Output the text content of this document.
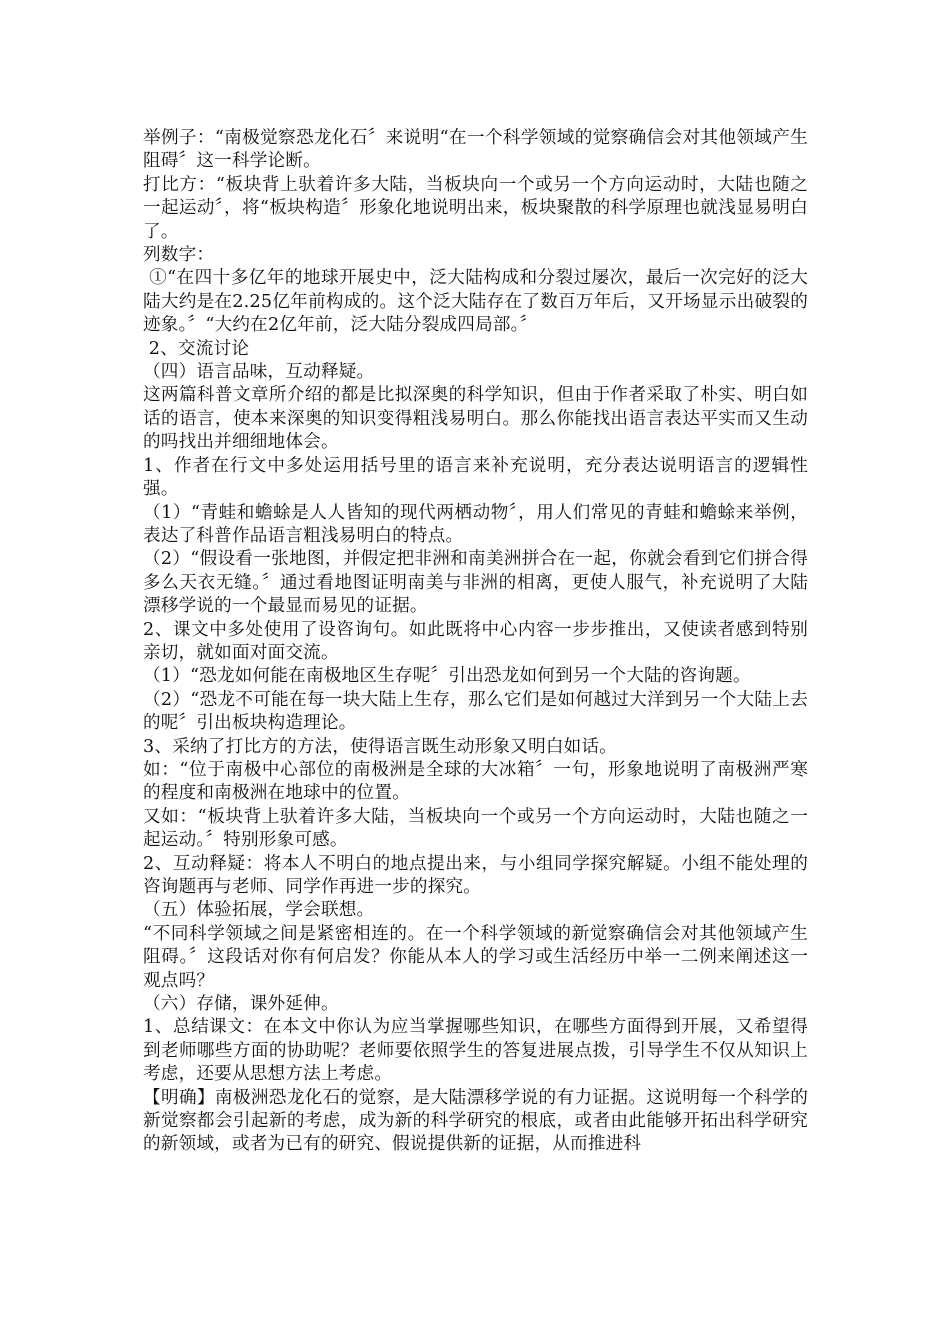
举例子：“南极觉察恐龙化石〞来说明“在一个科学领域的觉察确信会对其他领域产生阻碍〞这一科学论断。

打比方：“板块背上驮着许多大陆，当板块向一个或另一个方向运动时，大陆也随之一起运动〞，将“板块构造〞形象化地说明出来，板块聚散的科学原理也就浅显易明白了。

列数字：

①“在四十多亿年的地球开展史中，泛大陆构成和分裂过屡次，最后一次完好的泛大陆大约是在2.25亿年前构成的。这个泛大陆存在了数百万年后，又开场显示出破裂的迹象。〞“大约在2亿年前，泛大陆分裂成四局部。〞

2、交流讨论

（四）语言品味，互动释疑。

这两篇科普文章所介绍的都是比拟深奥的科学知识，但由于作者采取了朴实、明白如话的语言，使本来深奥的知识变得粗浅易明白。那么你能找出语言表达平实而又生动的吗找出并细细地体会。

1、作者在行文中多处运用括号里的语言来补充说明，充分表达说明语言的逻辑性强。

（1）“青蛙和蟾蜍是人人皆知的现代两栖动物〞，用人们常见的青蛙和蟾蜍来举例，表达了科普作品语言粗浅易明白的特点。

（2）“假设看一张地图，并假定把非洲和南美洲拼合在一起，你就会看到它们拼合得多么天衣无缝。〞通过看地图证明南美与非洲的相离，更使人服气，补充说明了大陆漂移学说的一个最显而易见的证据。

2、课文中多处使用了设咨询句。如此既将中心内容一步步推出，又使读者感到特别亲切，就如面对面交流。

（1）“恐龙如何能在南极地区生存呢〞引出恐龙如何到另一个大陆的咨询题。

（2）“恐龙不可能在每一块大陆上生存，那么它们是如何越过大洋到另一个大陆上去的呢〞引出板块构造理论。

3、采纳了打比方的方法，使得语言既生动形象又明白如话。

如：“位于南极中心部位的南极洲是全球的大冰箱〞一句，形象地说明了南极洲严寒的程度和南极洲在地球中的位置。

又如：“板块背上驮着许多大陆，当板块向一个或另一个方向运动时，大陆也随之一起运动。〞特别形象可感。

2、互动释疑：将本人不明白的地点提出来，与小组同学探究解疑。小组不能处理的咨询题再与老师、同学作再进一步的探究。

（五）体验拓展，学会联想。

“不同科学领域之间是紧密相连的。在一个科学领域的新觉察确信会对其他领域产生阻碍。〞这段话对你有何启发？你能从本人的学习或生活经历中举一二例来阐述这一观点吗？

（六）存储，课外延伸。

1、总结课文：在本文中你认为应当掌握哪些知识，在哪些方面得到开展，又希望得到老师哪些方面的协助呢？老师要依照学生的答复进展点拨，引导学生不仅从知识上考虑，还要从思想方法上考虑。

【明确】南极洲恐龙化石的觉察，是大陆漂移学说的有力证据。这说明每一个科学的新觉察都会引起新的考虑，成为新的科学研究的根底，或者由此能够开拓出科学研究的新领域，或者为已有的研究、假说提供新的证据，从而推进科
